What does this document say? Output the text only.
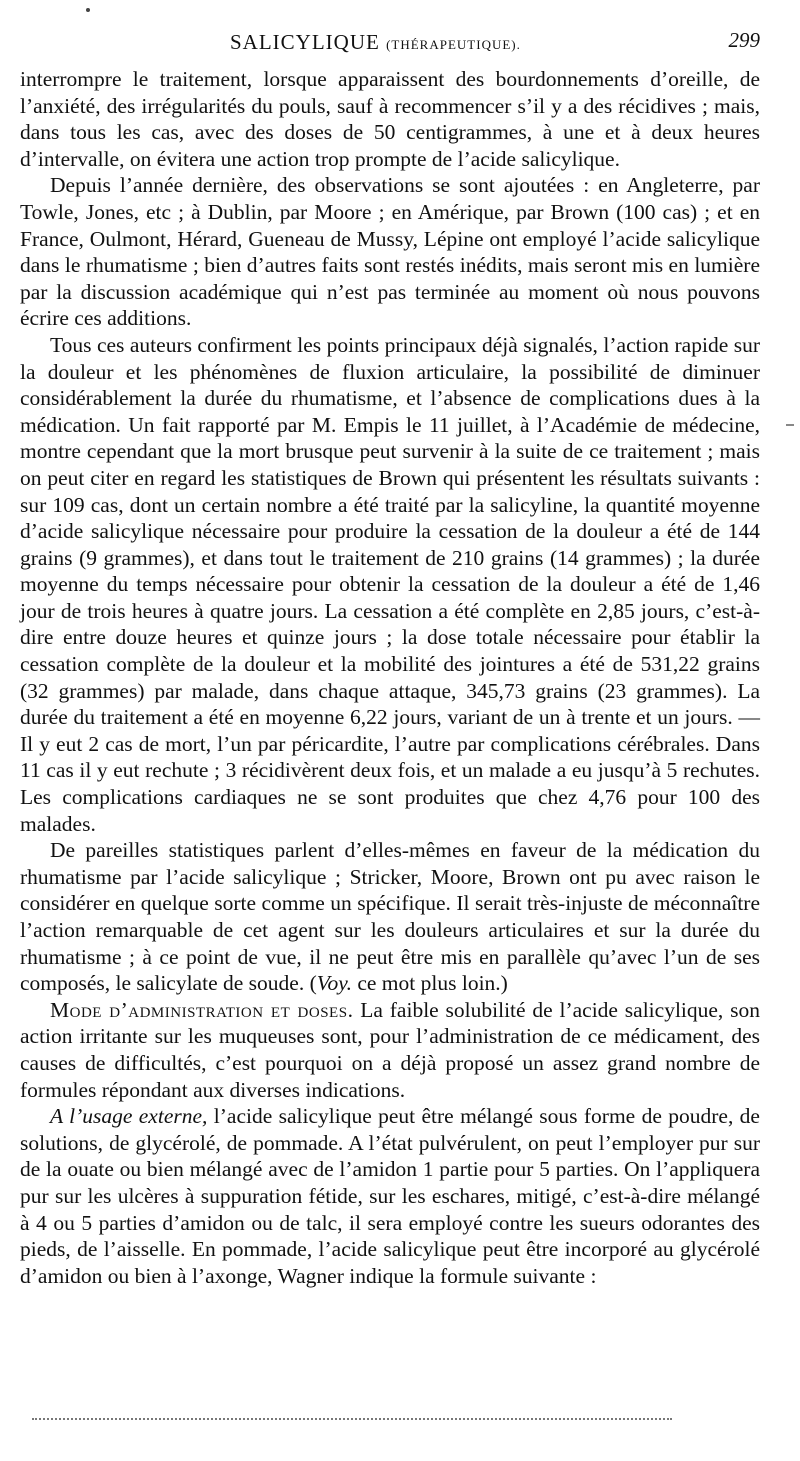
SALICYLIQUE (THÉRAPEUTIQUE).	299

interrompre le traitement, lorsque apparaissent des bourdonnements d’oreille, de l’anxiété, des irrégularités du pouls, sauf à recommencer s’il y a des récidives ; mais, dans tous les cas, avec des doses de 50 centigrammes, à une et à deux heures d’intervalle, on évitera une action trop prompte de l’acide salicylique.

Depuis l’année dernière, des observations se sont ajoutées : en Angleterre, par Towle, Jones, etc ; à Dublin, par Moore ; en Amérique, par Brown (100 cas) ; et en France, Oulmont, Hérard, Gueneau de Mussy, Lépine ont employé l’acide salicylique dans le rhumatisme ; bien d’autres faits sont restés inédits, mais seront mis en lumière par la discussion académique qui n’est pas terminée au moment où nous pouvons écrire ces additions.

Tous ces auteurs confirment les points principaux déjà signalés, l’action rapide sur la douleur et les phénomènes de fluxion articulaire, la possibilité de diminuer considérablement la durée du rhumatisme, et l’absence de complications dues à la médication. Un fait rapporté par M. Empis le 11 juillet, à l’Académie de médecine, montre cependant que la mort brusque peut survenir à la suite de ce traitement ; mais on peut citer en regard les statistiques de Brown qui présentent les résultats suivants : sur 109 cas, dont un certain nombre a été traité par la salicyline, la quantité moyenne d’acide salicylique nécessaire pour produire la cessation de la douleur a été de 144 grains (9 grammes), et dans tout le traitement de 210 grains (14 grammes) ; la durée moyenne du temps nécessaire pour obtenir la cessation de la douleur a été de 1,46 jour de trois heures à quatre jours. La cessation a été complète en 2,85 jours, c’est-à-dire entre douze heures et quinze jours ; la dose totale nécessaire pour établir la cessation complète de la douleur et la mobilité des jointures a été de 531,22 grains (32 grammes) par malade, dans chaque attaque, 345,73 grains (23 grammes). La durée du traitement a été en moyenne 6,22 jours, variant de un à trente et un jours. — Il y eut 2 cas de mort, l’un par péricardite, l’autre par complications cérébrales. Dans 11 cas il y eut rechute ; 3 récidivèrent deux fois, et un malade a eu jusqu’à 5 rechutes. Les complications cardiaques ne se sont produites que chez 4,76 pour 100 des malades.

De pareilles statistiques parlent d’elles-mêmes en faveur de la médication du rhumatisme par l’acide salicylique ; Stricker, Moore, Brown ont pu avec raison le considérer en quelque sorte comme un spécifique. Il serait très-injuste de méconnaître l’action remarquable de cet agent sur les douleurs articulaires et sur la durée du rhumatisme ; à ce point de vue, il ne peut être mis en parallèle qu’avec l’un de ses composés, le salicylate de soude. (Voy. ce mot plus loin.)

Mode d’administration et doses. La faible solubilité de l’acide salicylique, son action irritante sur les muqueuses sont, pour l’administration de ce médicament, des causes de difficultés, c’est pourquoi on a déjà proposé un assez grand nombre de formules répondant aux diverses indications.

A l’usage externe, l’acide salicylique peut être mélangé sous forme de poudre, de solutions, de glycérolé, de pommade. A l’état pulvérulent, on peut l’employer pur sur de la ouate ou bien mélangé avec de l’amidon 1 partie pour 5 parties. On l’appliquera pur sur les ulcères à suppuration fétide, sur les eschares, mitigé, c’est-à-dire mélangé à 4 ou 5 parties d’amidon ou de talc, il sera employé contre les sueurs odorantes des pieds, de l’aisselle. En pommade, l’acide salicylique peut être incorporé au glycérolé d’amidon ou bien à l’axonge, Wagner indique la formule suivante :
